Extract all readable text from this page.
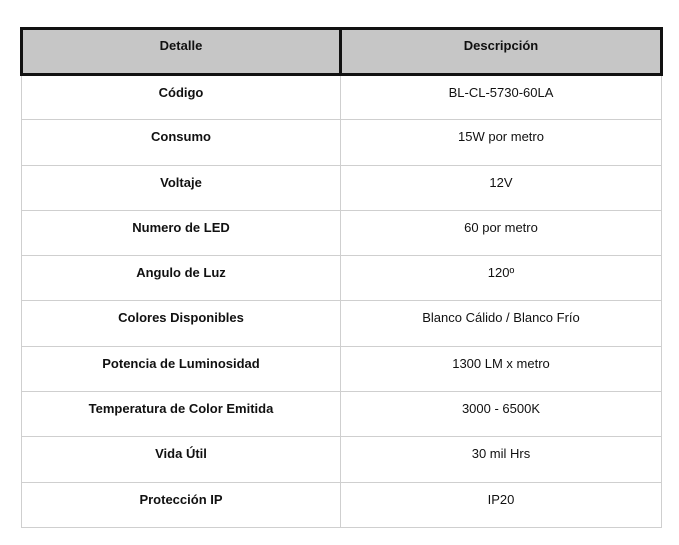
Detalle	Descripción
Código	BL-CL-5730-60LA
Consumo	15W por metro
Voltaje	12V
Numero de LED	60 por metro
Angulo de Luz	120º
Colores Disponibles	Blanco Cálido / Blanco Frío
Potencia de Luminosidad	1300 LM x metro
Temperatura de Color Emitida	3000 - 6500K
Vida Útil	30 mil Hrs
Protección IP	IP20
